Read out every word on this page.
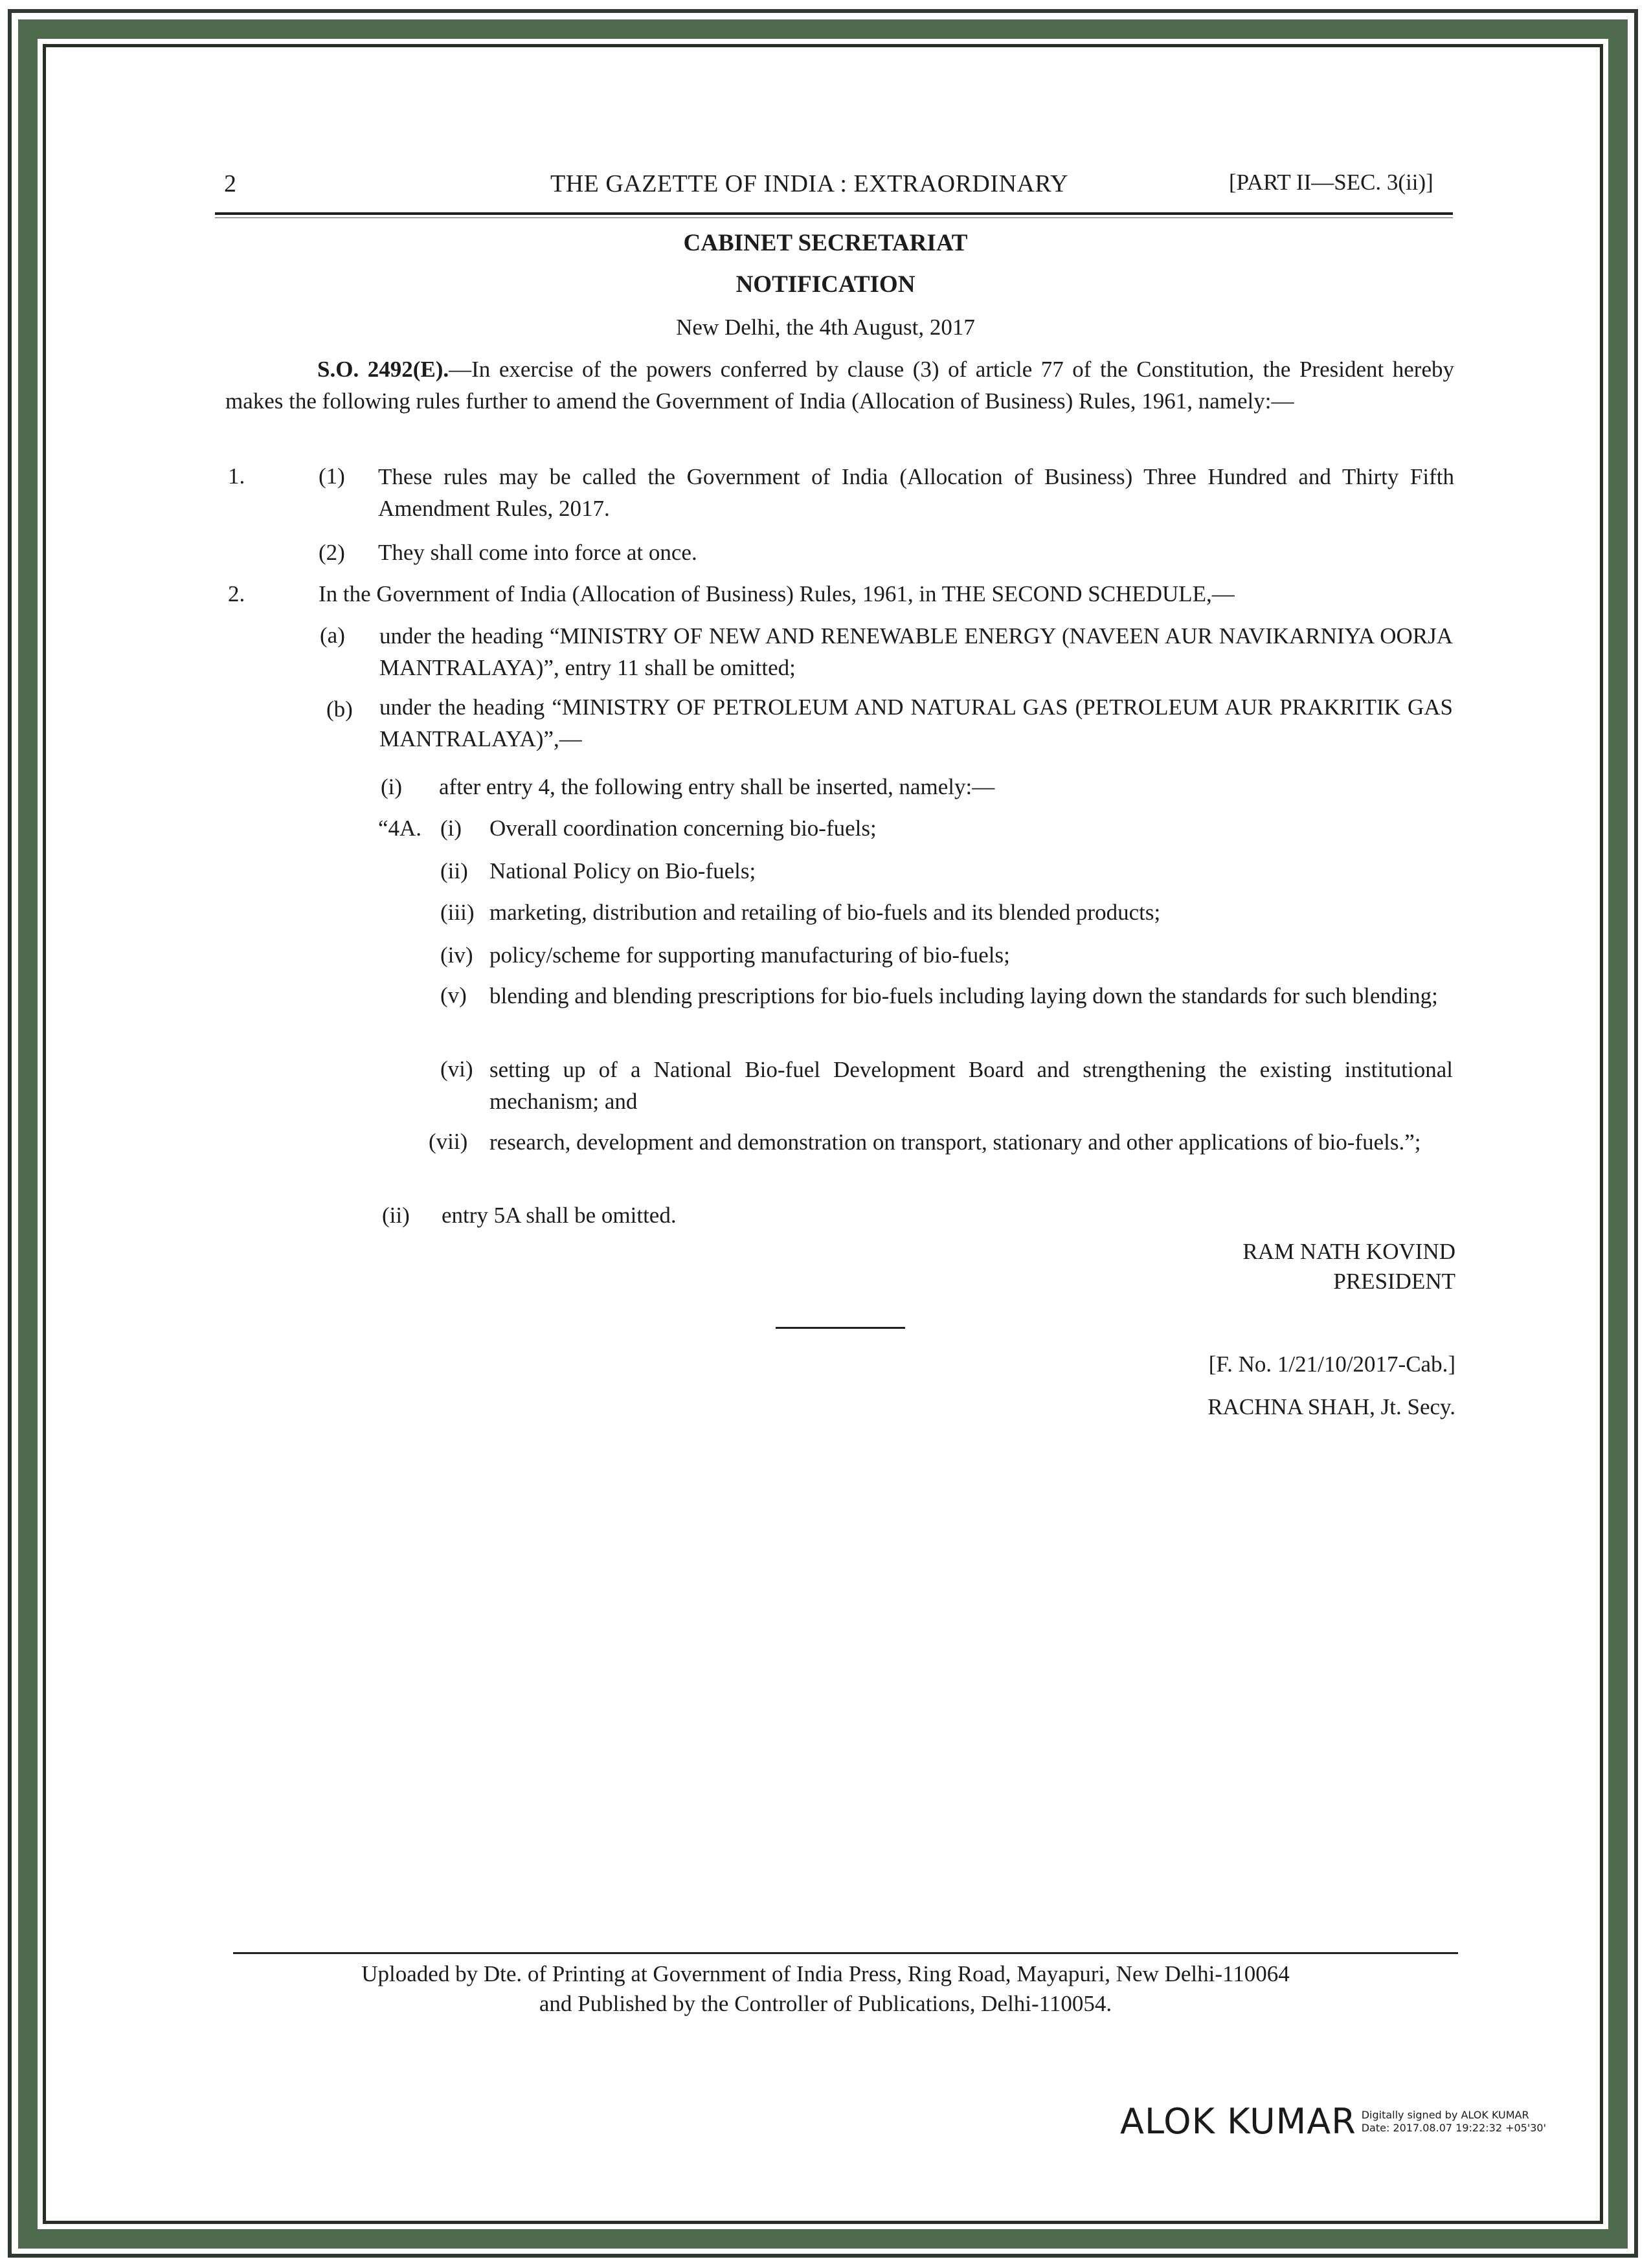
2	THE GAZETTE OF INDIA : EXTRAORDINARY	[PART II—SEC. 3(ii)]
CABINET SECRETARIAT
NOTIFICATION
New Delhi, the 4th August, 2017
S.O. 2492(E).—In exercise of the powers conferred by clause (3) of article 77 of the Constitution, the President hereby makes the following rules further to amend the Government of India (Allocation of Business) Rules, 1961, namely:—
1.	(1) These rules may be called the Government of India (Allocation of Business) Three Hundred and Thirty Fifth Amendment Rules, 2017.
(2) They shall come into force at once.
2.	In the Government of India (Allocation of Business) Rules, 1961, in THE SECOND SCHEDULE,—
(a) under the heading “MINISTRY OF NEW AND RENEWABLE ENERGY (NAVEEN AUR NAVIKARNIYA OORJA MANTRALAYA)”, entry 11 shall be omitted;
(b) under the heading “MINISTRY OF PETROLEUM AND NATURAL GAS (PETROLEUM AUR PRAKRITIK GAS MANTRALAYA)”,—
(i) after entry 4, the following entry shall be inserted, namely:—
“4A. (i) Overall coordination concerning bio-fuels;
(ii) National Policy on Bio-fuels;
(iii) marketing, distribution and retailing of bio-fuels and its blended products;
(iv) policy/scheme for supporting manufacturing of bio-fuels;
(v) blending and blending prescriptions for bio-fuels including laying down the standards for such blending;
(vi) setting up of a National Bio-fuel Development Board and strengthening the existing institutional mechanism; and
(vii) research, development and demonstration on transport, stationary and other applications of bio-fuels.”;
(ii) entry 5A shall be omitted.
RAM NATH KOVIND
PRESIDENT
[F. No. 1/21/10/2017-Cab.]
RACHNA SHAH, Jt. Secy.
Uploaded by Dte. of Printing at Government of India Press, Ring Road, Mayapuri, New Delhi-110064
and Published by the Controller of Publications, Delhi-110054.
ALOK KUMAR Digitally signed by ALOK KUMAR
Date: 2017.08.07 19:22:32 +05'30'
